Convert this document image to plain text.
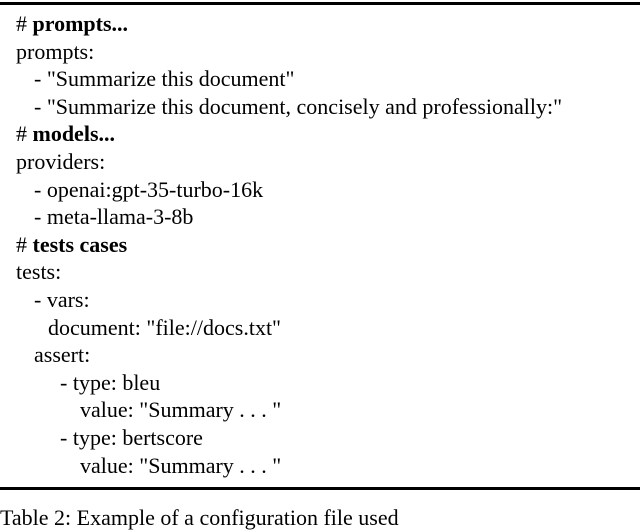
# prompts...
prompts:
- "Summarize this document"
- "Summarize this document, concisely and professionally:"
# models...
providers:
- openai:gpt-35-turbo-16k
- meta-llama-3-8b
# tests cases
tests:
- vars:
document: "file://docs.txt"
assert:
- type: bleu
value: "Summary . . . "
- type: bertscore
value: "Summary . . . "
Table 2: Example of a configuration file used
